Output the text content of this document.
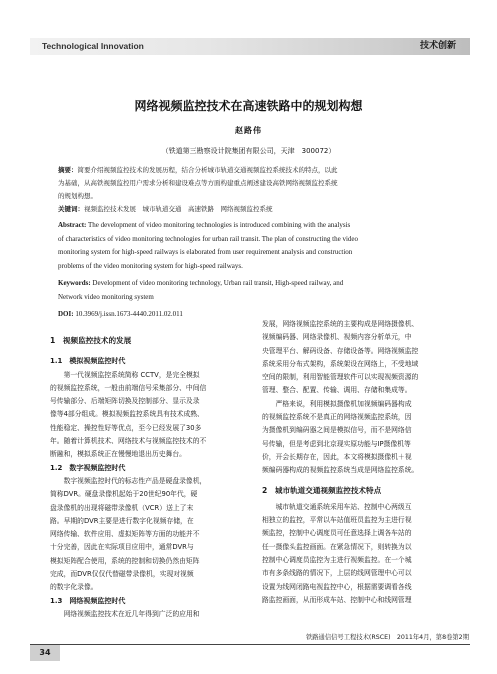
Technological Innovation	技术创新
网络视频监控技术在高速铁路中的规划构想
赵路伟
（铁道第三勘察设计院集团有限公司，天津　300072）
摘要：简要介绍视频监控技术的发展历程，结合分析城市轨道交通视频监控系统技术的特点，以此
为基础，从高铁视频监控用户需求分析和建设难点等方面构建重点阐述建设高铁网络视频监控系统
的规划构想。
关键词：视频监控技术发展　城市轨道交通　高速铁路　网络视频监控系统
Abstract: The development of video monitoring technologies is introduced combining with the analysis
of characteristics of video monitoring technologies for urban rail transit. The plan of constructing the video
monitoring system for high-speed railways is elaborated from user requirement analysis and construction
problems of the video monitoring system for high-speed railways.
Keywords: Development of video monitoring technology, Urban rail transit, High-speed railway, and
Network video monitoring system
DOI: 10.3969/j.issn.1673-4440.2011.02.011
1　视频监控技术的发展
1.1　模拟视频监控时代

第一代视频监控系统简称 CCTV，是完全模拟

的视频监控系统，一般由前端信号采集部分、中间信
号传输部分、后端矩阵切换及控制部分、显示及录
像等4部分组成。模拟视频监控系统具有技术成熟、
性能稳定、操控性好等优点，至今已经发展了30多
年。随着计算机技术、网络技术与视频监控技术的不
断融和，模拟系统正在慢慢地退出历史舞台。
1.2　数字视频监控时代

数字视频监控时代的标志性产品是硬盘录像机，

简称DVR。硬盘录像机起始于20世纪90年代，硬
盘录像机的出现将磁带录像机（VCR）送上了末
路。早期的DVR主要是进行数字化视频存储，在
网络传输、软件应用、虚拟矩阵等方面的功能并不
十分完善，因此在实际项目应用中，通常DVR与
模拟矩阵配合使用，系统的控制和切换仍然由矩阵
完成，而DVR仅仅代替磁带录像机，实现对视频
的数字化录像。
1.3　网络视频监控时代

网络视频监控技术在近几年得到广泛的应用和

发展，网络视频监控系统的主要构成是网络摄像机、
视频编码器、网络录像机、视频内容分析单元，中
央管理平台、解码设备、存储设备等。网络视频监控
系统采用分布式架构，系统架设在网络上，不受地域
空间的限制，利用智能管理软件可以实现视频资源的
管理、整合、配置、传输、调用、存储和集成等。

严格来说，利用模拟摄像机加视频编码器构成

的视频监控系统不是真正的网络视频监控系统，因
为摄像机到编码器之间是模拟信号，而不是网络信
号传输，但是考虑到北京现实原功能与IP摄像机等
价，开会长期存在，因此，本文将模拟摄像机＋视
频编码器构成的视频监控系统当成是网络监控系统。
2　城市轨道交通视频监控技术特点

城市轨道交通系统采用车站、控制中心两级互

相独立的监控，平常以车站值班员监控为主进行视
频监控，控制中心调度员可任意选择上调各车站的
任一摄像头监控画面。在紧急情况下，则转换为以
控制中心调度员监控为主进行视频监控。在一个城
市有多条线路的情况下，上层的线网管理中心可以
设置为线网闭路电视监控中心，根据需要调看各线
路监控画面，从而形成车站、控制中心和线网管理
铁路通信信号工程技术(RSCE)　2011年4月，第8卷第2期
34
